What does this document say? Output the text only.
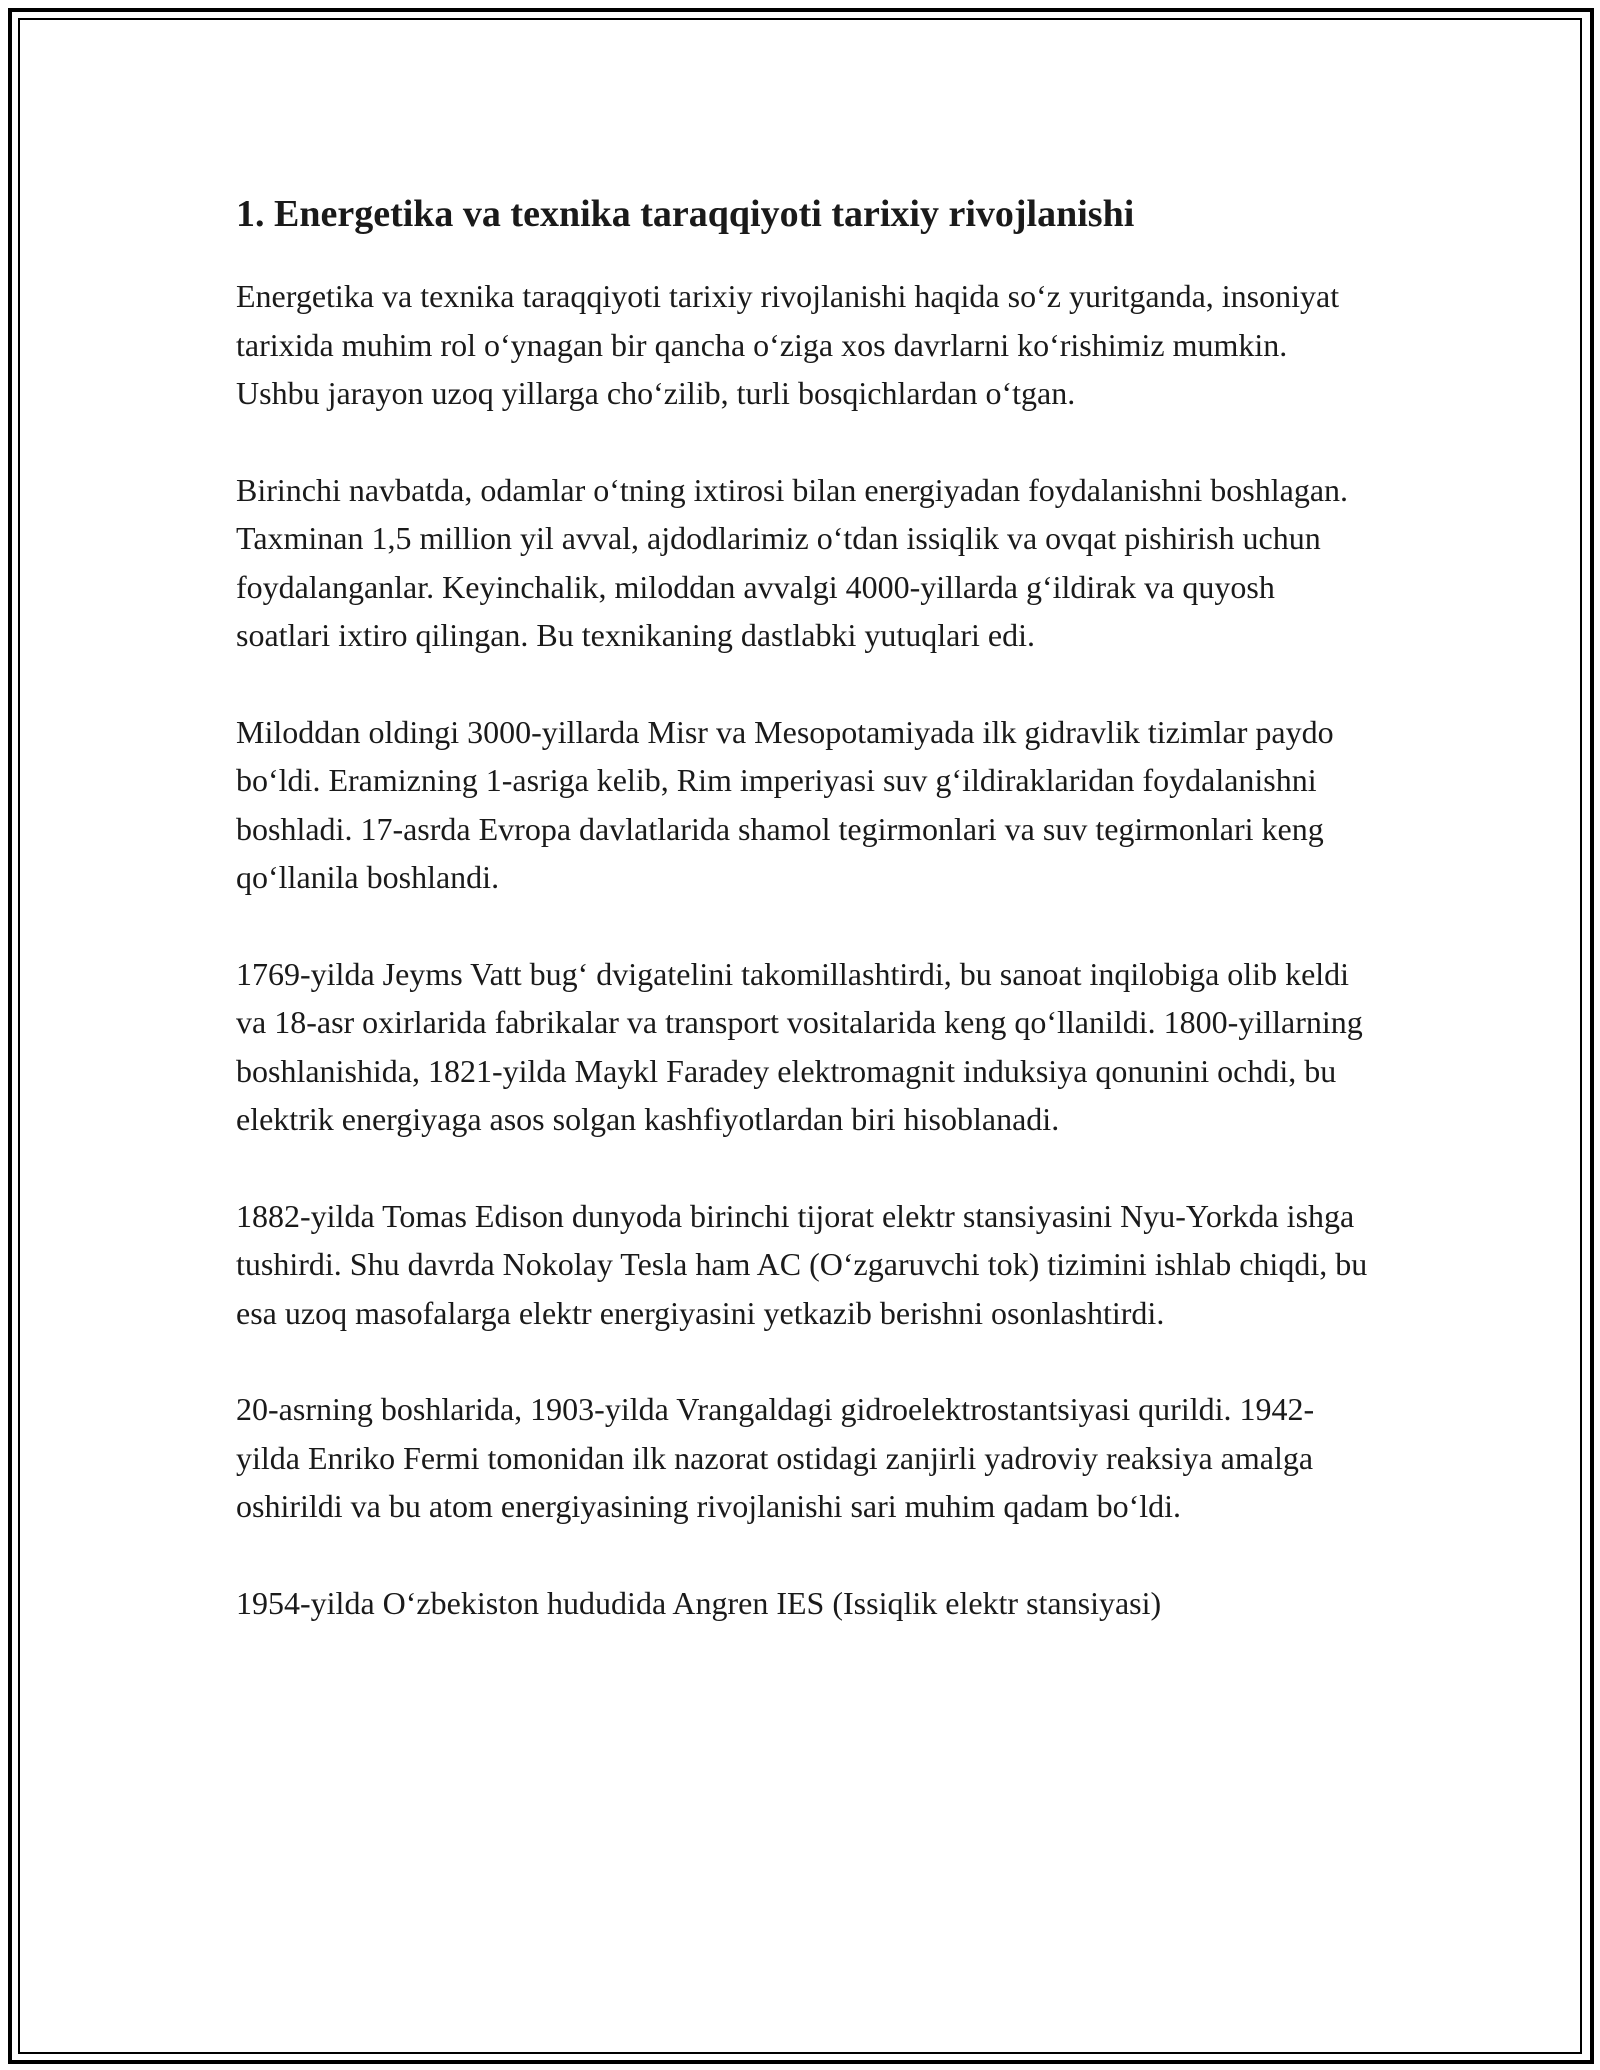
1. Energetika va texnika taraqqiyoti tarixiy rivojlanishi

Energetika va texnika taraqqiyoti tarixiy rivojlanishi haqida so‘z yuritganda, insoniyat tarixida muhim rol o‘ynagan bir qancha o‘ziga xos davrlarni ko‘rishimiz mumkin. Ushbu jarayon uzoq yillarga cho‘zilib, turli bosqichlardan o‘tgan.

Birinchi navbatda, odamlar o‘tning ixtirosi bilan energiyadan foydalanishni boshlagan. Taxminan 1,5 million yil avval, ajdodlarimiz o‘tdan issiqlik va ovqat pishirish uchun foydalanganlar. Keyinchalik, miloddan avvalgi 4000-yillarda g‘ildirak va quyosh soatlari ixtiro qilingan. Bu texnikaning dastlabki yutuqlari edi.

Miloddan oldingi 3000-yillarda Misr va Mesopotamiyada ilk gidravlik tizimlar paydo bo‘ldi. Eramizning 1-asriga kelib, Rim imperiyasi suv g‘ildiraklaridan foydalanishni boshladi. 17-asrda Evropa davlatlarida shamol tegirmonlari va suv tegirmonlari keng qo‘llanila boshlandi.

1769-yilda Jeyms Vatt bug‘ dvigatelini takomillashtirdi, bu sanoat inqilobiga olib keldi va 18-asr oxirlarida fabrikalar va transport vositalarida keng qo‘llanildi. 1800-yillarning boshlanishida, 1821-yilda Maykl Faradey elektromagnit induksiya qonunini ochdi, bu elektrik energiyaga asos solgan kashfiyotlardan biri hisoblanadi.

1882-yilda Tomas Edison dunyoda birinchi tijorat elektr stansiyasini Nyu-Yorkda ishga tushirdi. Shu davrda Nokolay Tesla ham AC (O‘zgaruvchi tok) tizimini ishlab chiqdi, bu esa uzoq masofalarga elektr energiyasini yetkazib berishni osonlashtirdi.

20-asrning boshlarida, 1903-yilda Vrangaldagi gidroelektrostantsiyasi qurildi. 1942-yilda Enriko Fermi tomonidan ilk nazorat ostidagi zanjirli yadroviy reaksiya amalga oshirildi va bu atom energiyasining rivojlanishi sari muhim qadam bo‘ldi.

1954-yilda O‘zbekiston hududida Angren IES (Issiqlik elektr stansiyasi)
